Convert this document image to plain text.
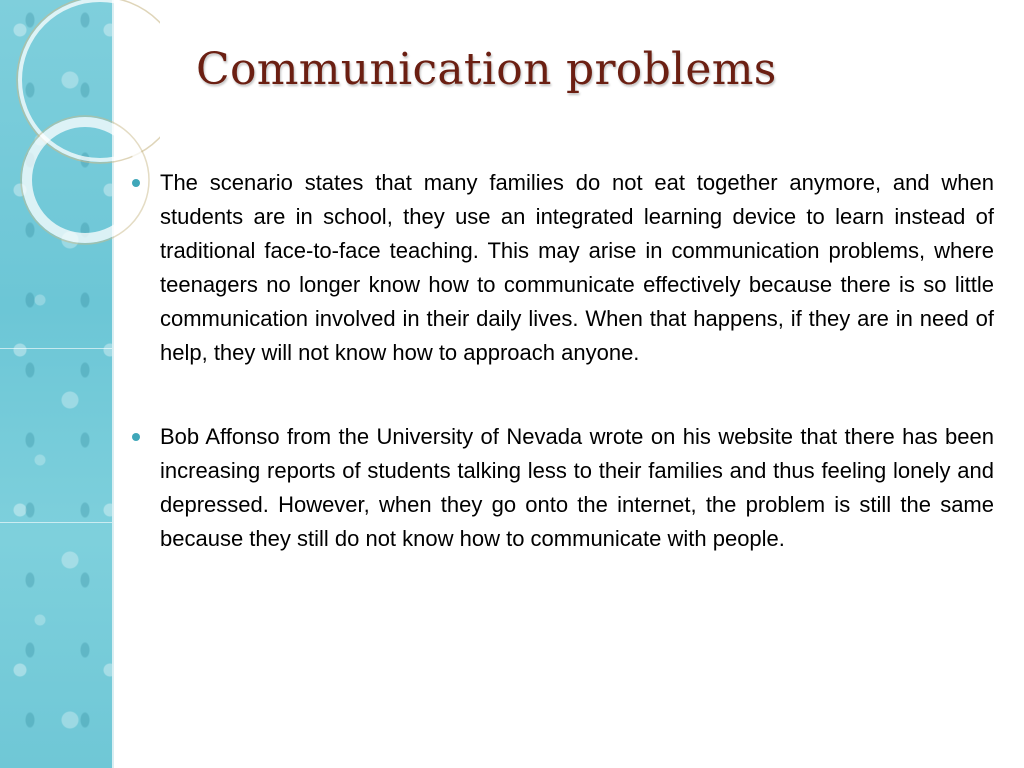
Communication problems
The scenario states that many families do not eat together anymore, and when students are in school, they use an integrated learning device to learn instead of traditional face-to-face teaching. This may arise in communication problems, where teenagers no longer know how to communicate effectively because there is so little communication involved in their daily lives. When that happens, if they are in need of help, they will not know how to approach anyone.
Bob Affonso from the University of Nevada wrote on his website that there has been increasing reports of students talking less to their families and thus feeling lonely and depressed. However, when they go onto the internet, the problem is still the same because they still do not know how to communicate with people.
